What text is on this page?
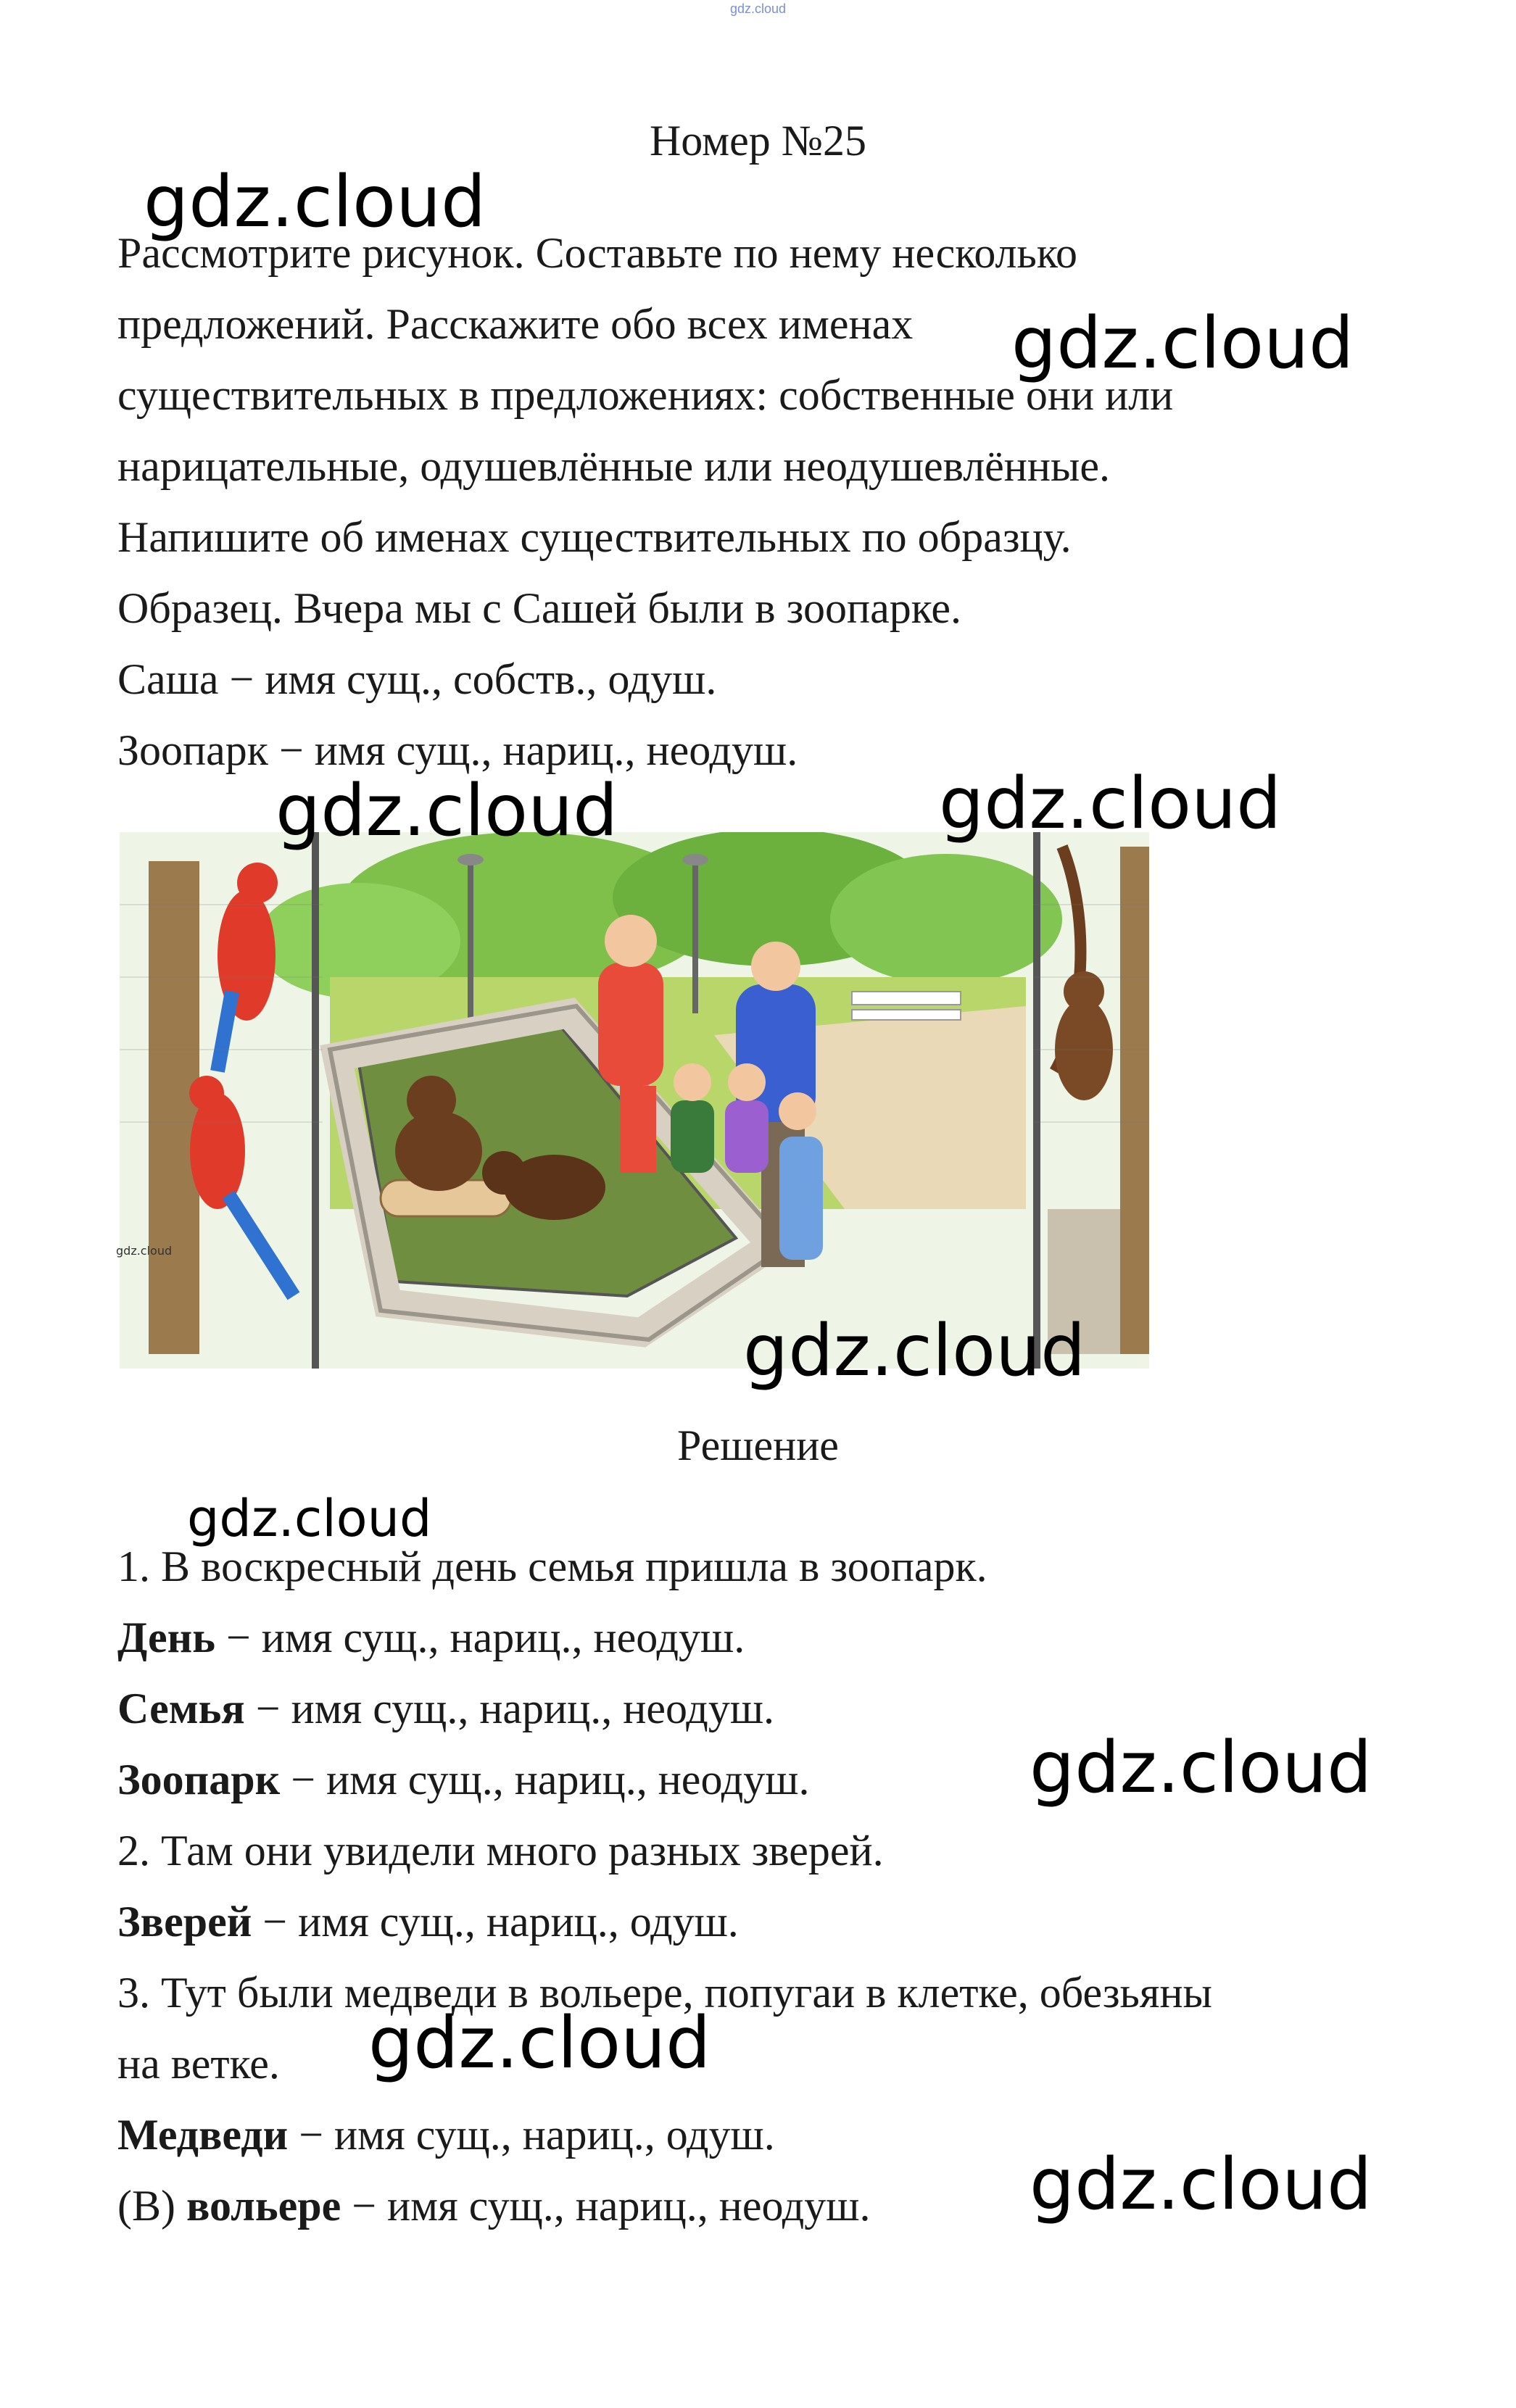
gdz.cloud
Номер №25
Рассмотрите рисунок. Составьте по нему несколько
предложений. Расскажите обо всех именах
существительных в предложениях: собственные они или
нарицательные, одушевлённые или неодушевлённые.
Напишите об именах существительных по образцу.
Образец. Вчера мы с Сашей были в зоопарке.
Саша − имя сущ., собств., одуш.
Зоопарк − имя сущ., нариц., неодуш.
Решение
1. В воскресный день семья пришла в зоопарк.
День − имя сущ., нариц., неодуш.
Семья − имя сущ., нариц., неодуш.
Зоопарк − имя сущ., нариц., неодуш.
2. Там они увидели много разных зверей.
Зверей − имя сущ., нариц., одуш.
3. Тут были медведи в вольере, попугаи в клетке, обезьяны
на ветке.
Медведи − имя сущ., нариц., одуш.
(В) вольере − имя сущ., нариц., неодуш.
gdz.cloud
gdz.cloud
gdz.cloud	gdz.cloud
gdz.cloud
gdz.cloud
gdz.cloud
gdz.cloud
gdz.cloud
gdz.cloud
